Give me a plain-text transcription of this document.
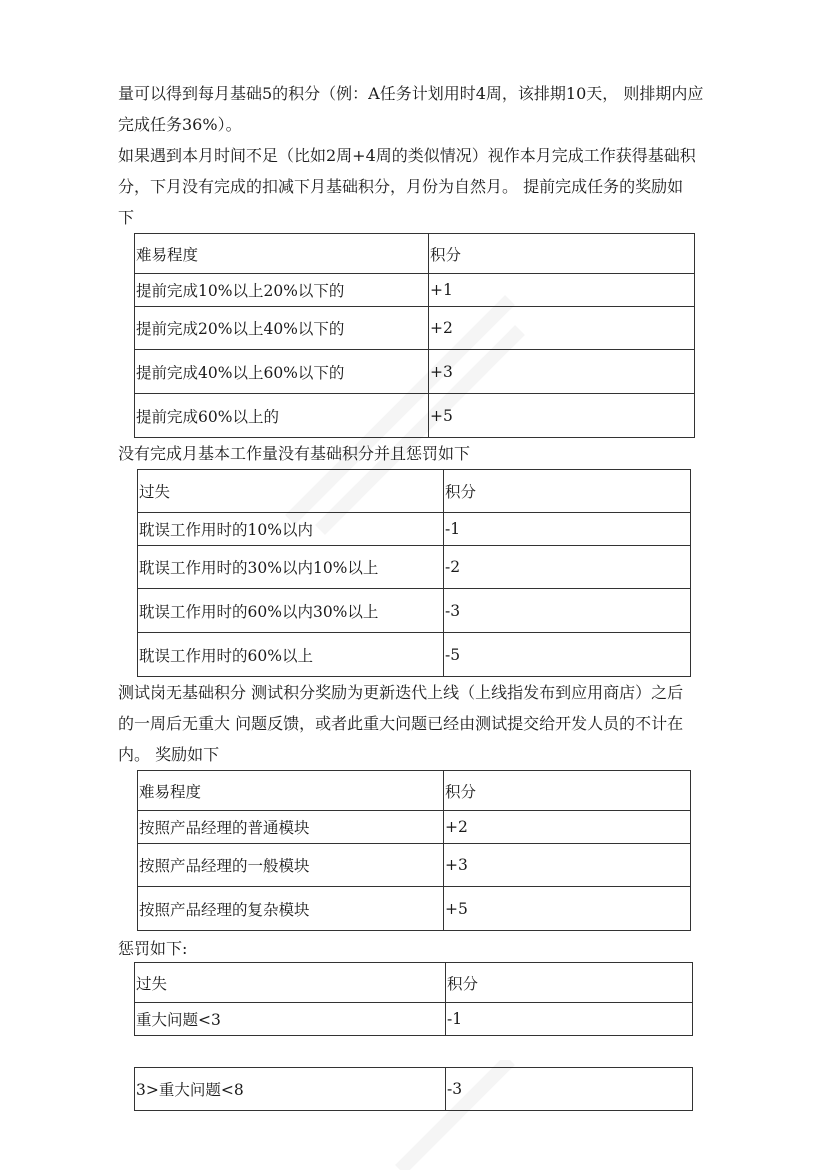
量可以得到每月基础5的积分（例：A任务计划用时4周，该排期10天， 则排期内应
完成任务36%）。
如果遇到本月时间不足（比如2周+4周的类似情况）视作本月完成工作获得基础积
分，下月没有完成的扣减下月基础积分，月份为自然月。 提前完成任务的奖励如
下
难易程度	积分
提前完成10%以上20%以下的	+1
提前完成20%以上40%以下的	+2
提前完成40%以上60%以下的	+3
提前完成60%以上的	+5
没有完成月基本工作量没有基础积分并且惩罚如下
过失	积分
耽误工作用时的10%以内	-1
耽误工作用时的30%以内10%以上	-2
耽误工作用时的60%以内30%以上	-3
耽误工作用时的60%以上	-5
测试岗无基础积分 测试积分奖励为更新迭代上线（上线指发布到应用商店）之后
的一周后无重大 问题反馈，或者此重大问题已经由测试提交给开发人员的不计在
内。 奖励如下
难易程度	积分
按照产品经理的普通模块	+2
按照产品经理的一般模块	+3
按照产品经理的复杂模块	+5
惩罚如下:
过失	积分
重大问题<3	-1
3>重大问题<8	-3
